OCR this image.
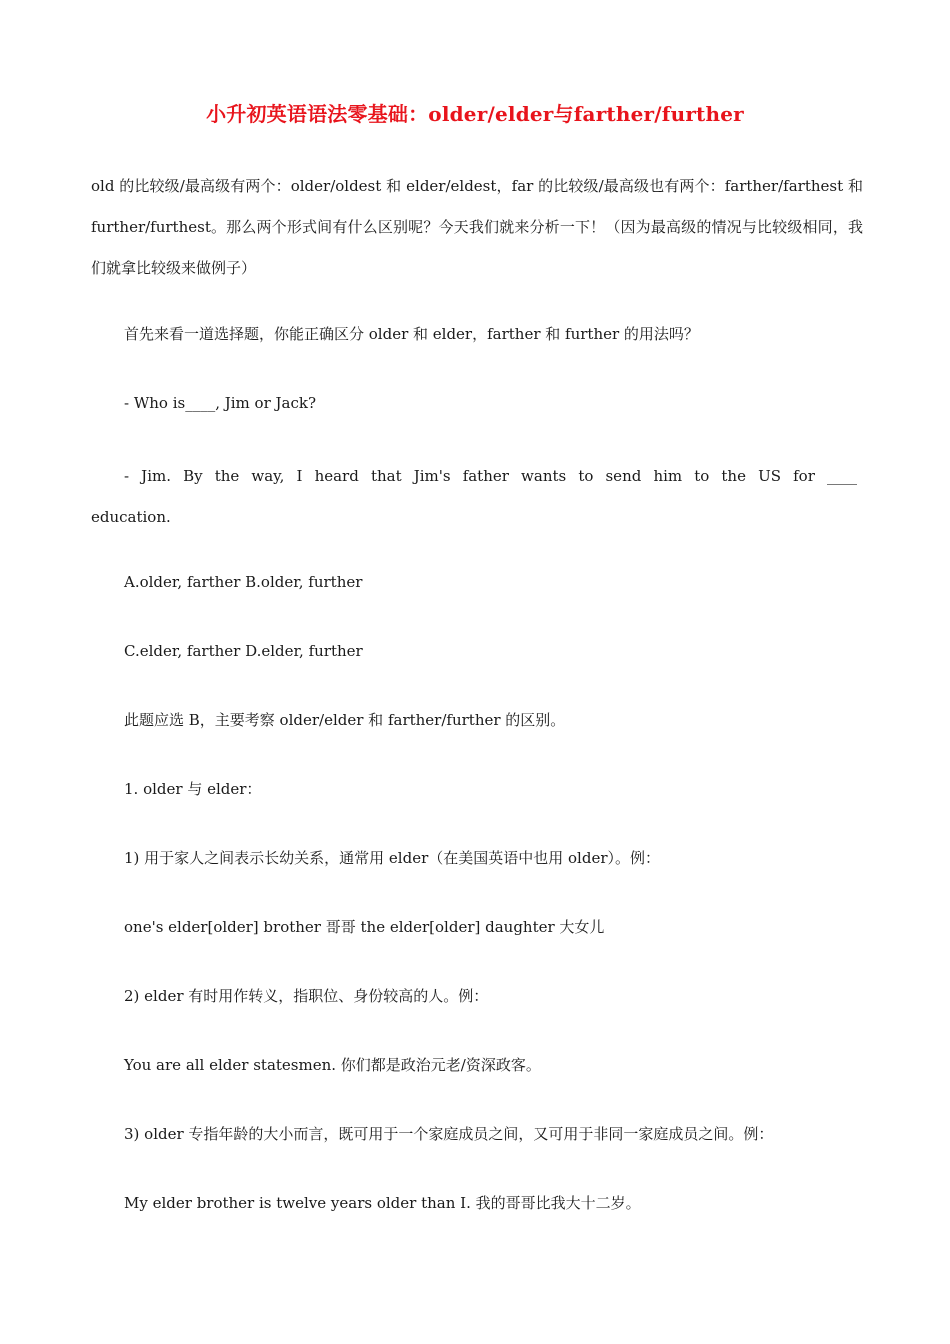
小升初英语语法零基础：older/elder与farther/further
old 的比较级/最高级有两个：older/oldest 和 elder/eldest，far 的比较级/最高级也有两个：farther/farthest 和 further/furthest。那么两个形式间有什么区别呢？今天我们就来分析一下！（因为最高级的情况与比较级相同，我们就拿比较级来做例子）
首先来看一道选择题，你能正确区分 older 和 elder，farther 和 further 的用法吗？
- Who is____, Jim or Jack?
- Jim. By the way, I heard that Jim's father wants to send him to the US for ____ education.
A.older, farther B.older, further
C.elder, farther D.elder, further
此题应选 B，主要考察 older/elder 和 farther/further 的区别。
1. older 与 elder：
1) 用于家人之间表示长幼关系，通常用 elder（在美国英语中也用 older）。例：
one's elder[older] brother 哥哥 the elder[older] daughter 大女儿
2) elder 有时用作转义，指职位、身份较高的人。例：
You are all elder statesmen. 你们都是政治元老/资深政客。
3) older 专指年龄的大小而言，既可用于一个家庭成员之间，又可用于非同一家庭成员之间。例：
My elder brother is twelve years older than I. 我的哥哥比我大十二岁。
